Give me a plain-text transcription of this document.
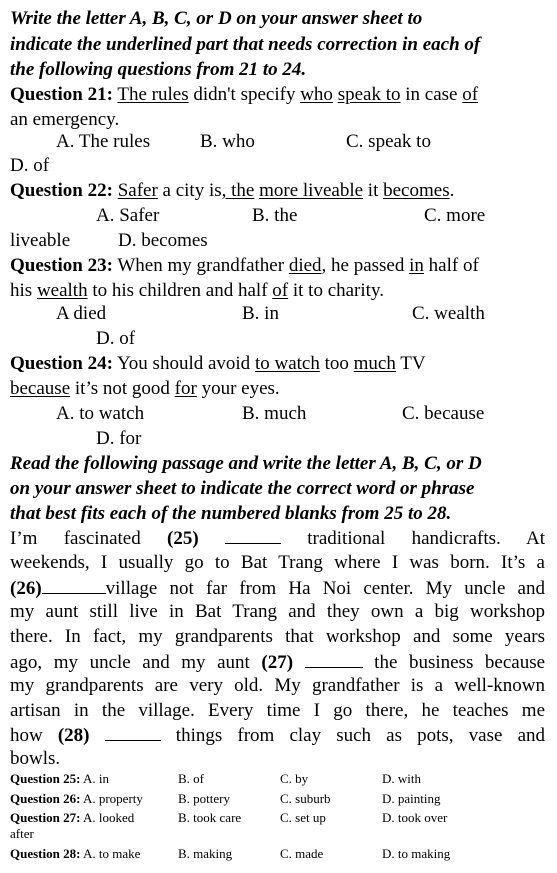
Write the letter A, B, C, or D on your answer sheet to
indicate the underlined part that needs correction in each of
the following questions from 21 to 24.
Question 21: The rules didn't specify who speak to in case of
an emergency.
A. The rules	B. who	C. speak to
D. of
Question 22: Safer a city is, the more liveable it becomes.
A. Safer	B. the	C. more
liveable	D. becomes
Question 23: When my grandfather died, he passed in half of
his wealth to his children and half of it to charity.
A died	B. in	C. wealth
D. of
Question 24: You should avoid to watch too much TV
because it’s not good for your eyes.
A. to watch	B. much	C. because
D. for
Read the following passage and write the letter A, B, C, or D
on your answer sheet to indicate the correct word or phrase
that best fits each of the numbered blanks from 25 to 28.
I’m fascinated (25)	traditional handicrafts. At
weekends, I usually go to Bat Trang where I was born. It’s a
(26)	village not far from Ha Noi center. My uncle and
my aunt still live in Bat Trang and they own a big workshop
there. In fact, my grandparents that workshop and some years
ago, my uncle and my aunt (27)	the business because
my grandparents are very old. My grandfather is a well-known
artisan in the village. Every time I go there, he teaches me
how (28)	things from clay such as pots, vase and
bowls.
Question 25: A. in	B. of	C. by	D. with
Question 26: A. property	B. pottery	C. suburb	D. painting
Question 27: A. looked
after
B. took care	C. set up	D. took over
Question 28: A. to make	B. making	C. made	D. to making
